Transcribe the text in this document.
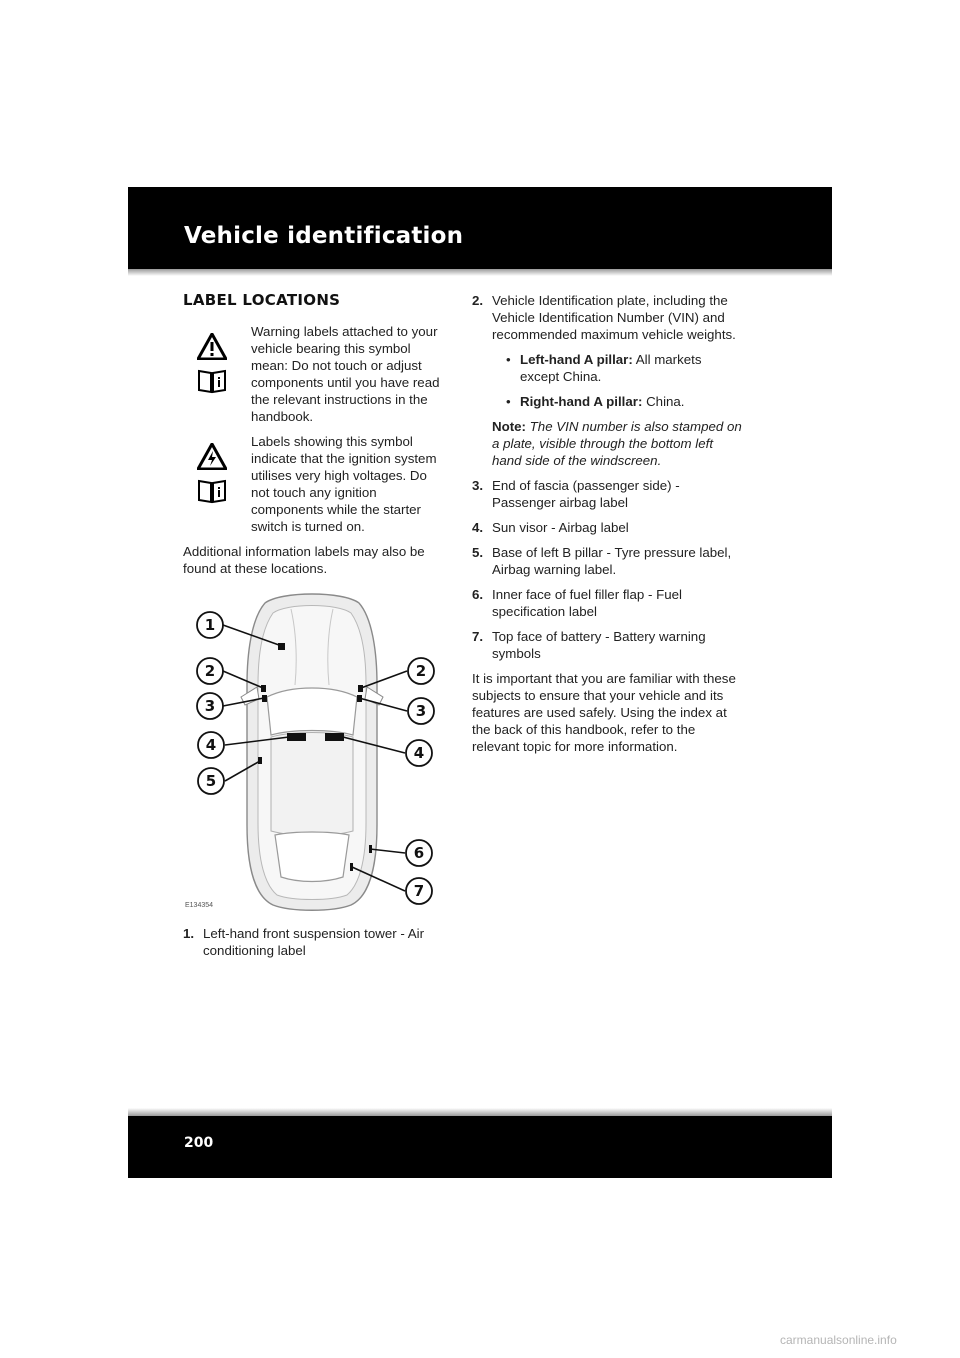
Vehicle identification
LABEL LOCATIONS

Warning labels attached to your vehicle bearing this symbol mean: Do not touch or adjust components until you have read the relevant instructions in the handbook.

Labels showing this symbol indicate that the ignition system utilises very high voltages. Do not touch any ignition components while the starter switch is turned on.

Additional information labels may also be found at these locations.

1
2
3
4
5
2
3
4
6
7
E134354
1. Left-hand front suspension tower - Air conditioning label
2. Vehicle Identification plate, including the Vehicle Identification Number (VIN) and recommended maximum vehicle weights.
• Left-hand A pillar: All markets except China.
• Right-hand A pillar: China.

Note: The VIN number is also stamped on a plate, visible through the bottom left hand side of the windscreen.

3. End of fascia (passenger side) - Passenger airbag label
4. Sun visor - Airbag label
5. Base of left B pillar - Tyre pressure label, Airbag warning label.
6. Inner face of fuel filler flap - Fuel specification label
7. Top face of battery - Battery warning symbols

It is important that you are familiar with these subjects to ensure that your vehicle and its features are used safely. Using the index at the back of this handbook, refer to the relevant topic for more information.

200
carmanualsonline.info
